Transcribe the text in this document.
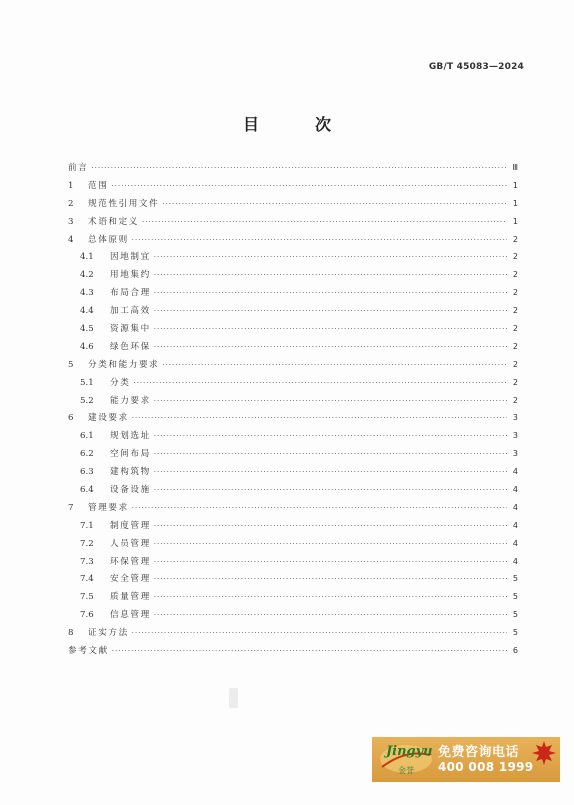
GB/T 45083—2024
目　次
前言 ·····	Ⅲ
1	范围 ·····	1
2	规范性引用文件 ·····	1
3	术语和定义 ·····	1
4	总体原则 ·····	2
4.1	因地制宜 ·····	2
4.2	用地集约 ·····	2
4.3	布局合理 ·····	2
4.4	加工高效 ·····	2
4.5	资源集中 ·····	2
4.6	绿色环保 ·····	2
5	分类和能力要求 ·····	2
5.1	分类 ·····	2
5.2	能力要求 ·····	2
6	建设要求 ·····	3
6.1	规划选址 ·····	3
6.2	空间布局 ·····	3
6.3	建构筑物 ·····	4
6.4	设备设施 ·····	4
7	管理要求 ·····	4
7.1	制度管理 ·····	4
7.2	人员管理 ·····	4
7.3	环保管理 ·····	4
7.4	安全管理 ·····	5
7.5	质量管理 ·····	5
7.6	信息管理 ·····	5
8	证实方法 ·····	5
参考文献 ·····	6
Jingyu
金誉
免费咨询电话
400 008 1999
